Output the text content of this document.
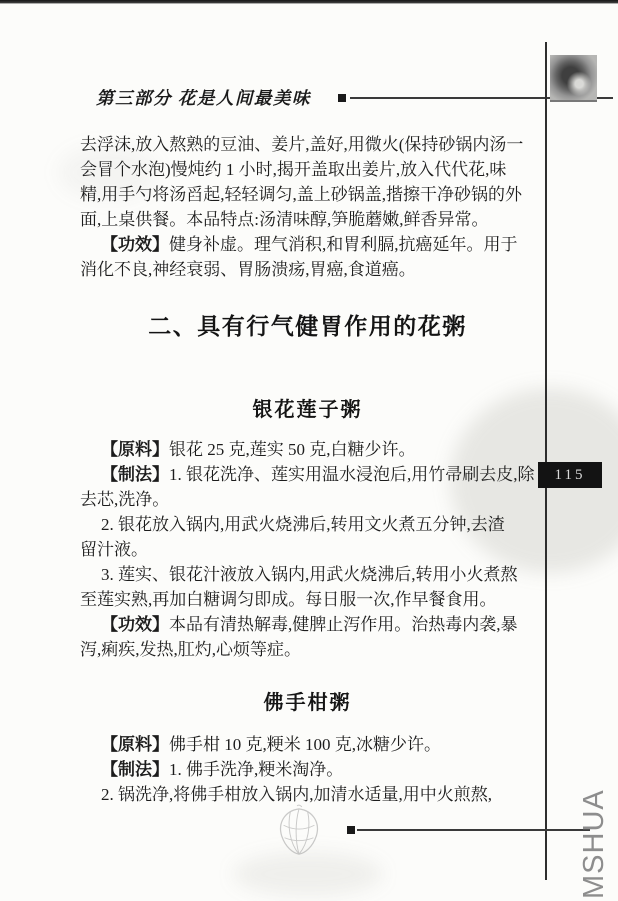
第三部分 花是人间最美味
115
去浮沫,放入熬熟的豆油、姜片,盖好,用微火(保持砂锅内汤一
会冒个水泡)慢炖约 1 小时,揭开盖取出姜片,放入代代花,味
精,用手勺将汤舀起,轻轻调匀,盖上砂锅盖,揩擦干净砂锅的外
面,上桌供餐。本品特点:汤清味醇,笋脆蘑嫩,鲜香异常。
【功效】健身补虚。理气消积,和胃利膈,抗癌延年。用于
消化不良,神经衰弱、胃肠溃疡,胃癌,食道癌。
二、具有行气健胃作用的花粥
银花莲子粥
【原料】银花 25 克,莲实 50 克,白糖少许。
【制法】1. 银花洗净、莲实用温水浸泡后,用竹帚刷去皮,除
去芯,洗净。
2. 银花放入锅内,用武火烧沸后,转用文火煮五分钟,去渣
留汁液。
3. 莲实、银花汁液放入锅内,用武火烧沸后,转用小火煮熬
至莲实熟,再加白糖调匀即成。每日服一次,作早餐食用。
【功效】本品有清热解毒,健脾止泻作用。治热毒内袭,暴
泻,痢疾,发热,肛灼,心烦等症。
佛手柑粥
【原料】佛手柑 10 克,粳米 100 克,冰糖少许。
【制法】1. 佛手洗净,粳米淘净。
2. 锅洗净,将佛手柑放入锅内,加清水适量,用中火煎熬,	MSHUA
